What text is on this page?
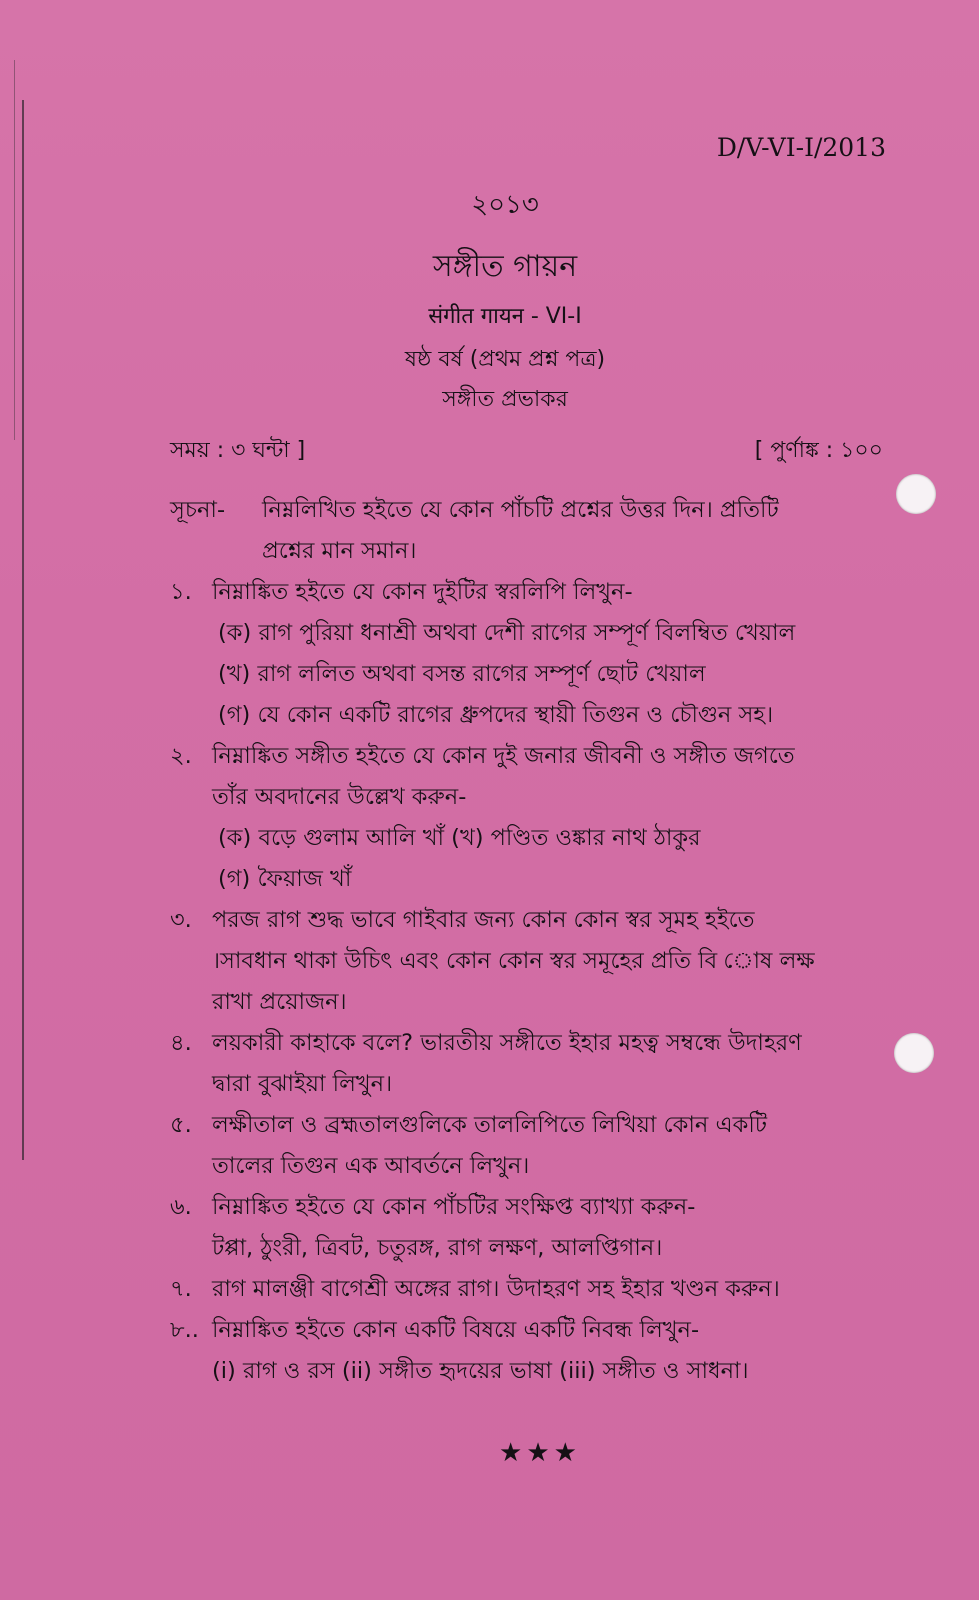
D/V-VI-I/2013
২০১৩
সঙ্গীত গায়ন
संगीत गायन - VI-I
ষষ্ঠ বর্ষ (প্রথম প্রশ্ন পত্র)
সঙ্গীত প্রভাকর
সময় : ৩ ঘন্টা ]	[ পুর্ণাঙ্ক : ১০০
সূচনা-	নিম্নলিখিত হইতে যে কোন পাঁচটি প্রশ্নের উত্তর দিন। প্রতিটি
প্রশ্নের মান সমান।
১. নিম্নাঙ্কিত হইতে যে কোন দুইটির স্বরলিপি লিখুন-
(ক) রাগ পুরিয়া ধনাশ্রী অথবা দেশী রাগের সম্পূর্ণ বিলম্বিত খেয়াল
(খ) রাগ ললিত অথবা বসন্ত রাগের সম্পূর্ণ ছোট খেয়াল
(গ) যে কোন একটি রাগের ধ্রুপদের স্থায়ী তিগুন ও চৌগুন সহ।
২. নিম্নাঙ্কিত সঙ্গীত হইতে যে কোন দুই জনার জীবনী ও সঙ্গীত জগতে
তাঁর অবদানের উল্লেখ করুন-
(ক) বড়ে গুলাম আলি খাঁ (খ) পণ্ডিত ওঙ্কার নাথ ঠাকুর
(গ) ফৈয়াজ খাঁ
৩. পরজ রাগ শুদ্ধ ভাবে গাইবার জন্য কোন কোন স্বর সূমহ হইতে
।সাবধান থাকা উচিৎ এবং কোন কোন স্বর সমূহের প্রতি বি োষ লক্ষ
রাখা প্রয়োজন।
৪. লয়কারী কাহাকে বলে? ভারতীয় সঙ্গীতে ইহার মহত্ব সম্বন্ধে উদাহরণ
দ্বারা বুঝাইয়া লিখুন।
৫. লক্ষীতাল ও ব্রহ্মতালগুলিকে তাললিপিতে লিখিয়া কোন একটি
তালের তিগুন এক আবর্তনে লিখুন।
৬. নিম্নাঙ্কিত হইতে যে কোন পাঁচটির সংক্ষিপ্ত ব্যাখ্যা করুন-
টপ্পা, ঠুংরী, ত্রিবট, চতুরঙ্গ, রাগ লক্ষণ, আলপ্তিগান।
৭. রাগ মালঞ্জী বাগেশ্রী অঙ্গের রাগ। উদাহরণ সহ ইহার খণ্ডন করুন।
৮.. নিম্নাঙ্কিত হইতে কোন একটি বিষয়ে একটি নিবন্ধ লিখুন-
(i) রাগ ও রস (ii) সঙ্গীত হৃদয়ের ভাষা (iii) সঙ্গীত ও সাধনা।
★★★
